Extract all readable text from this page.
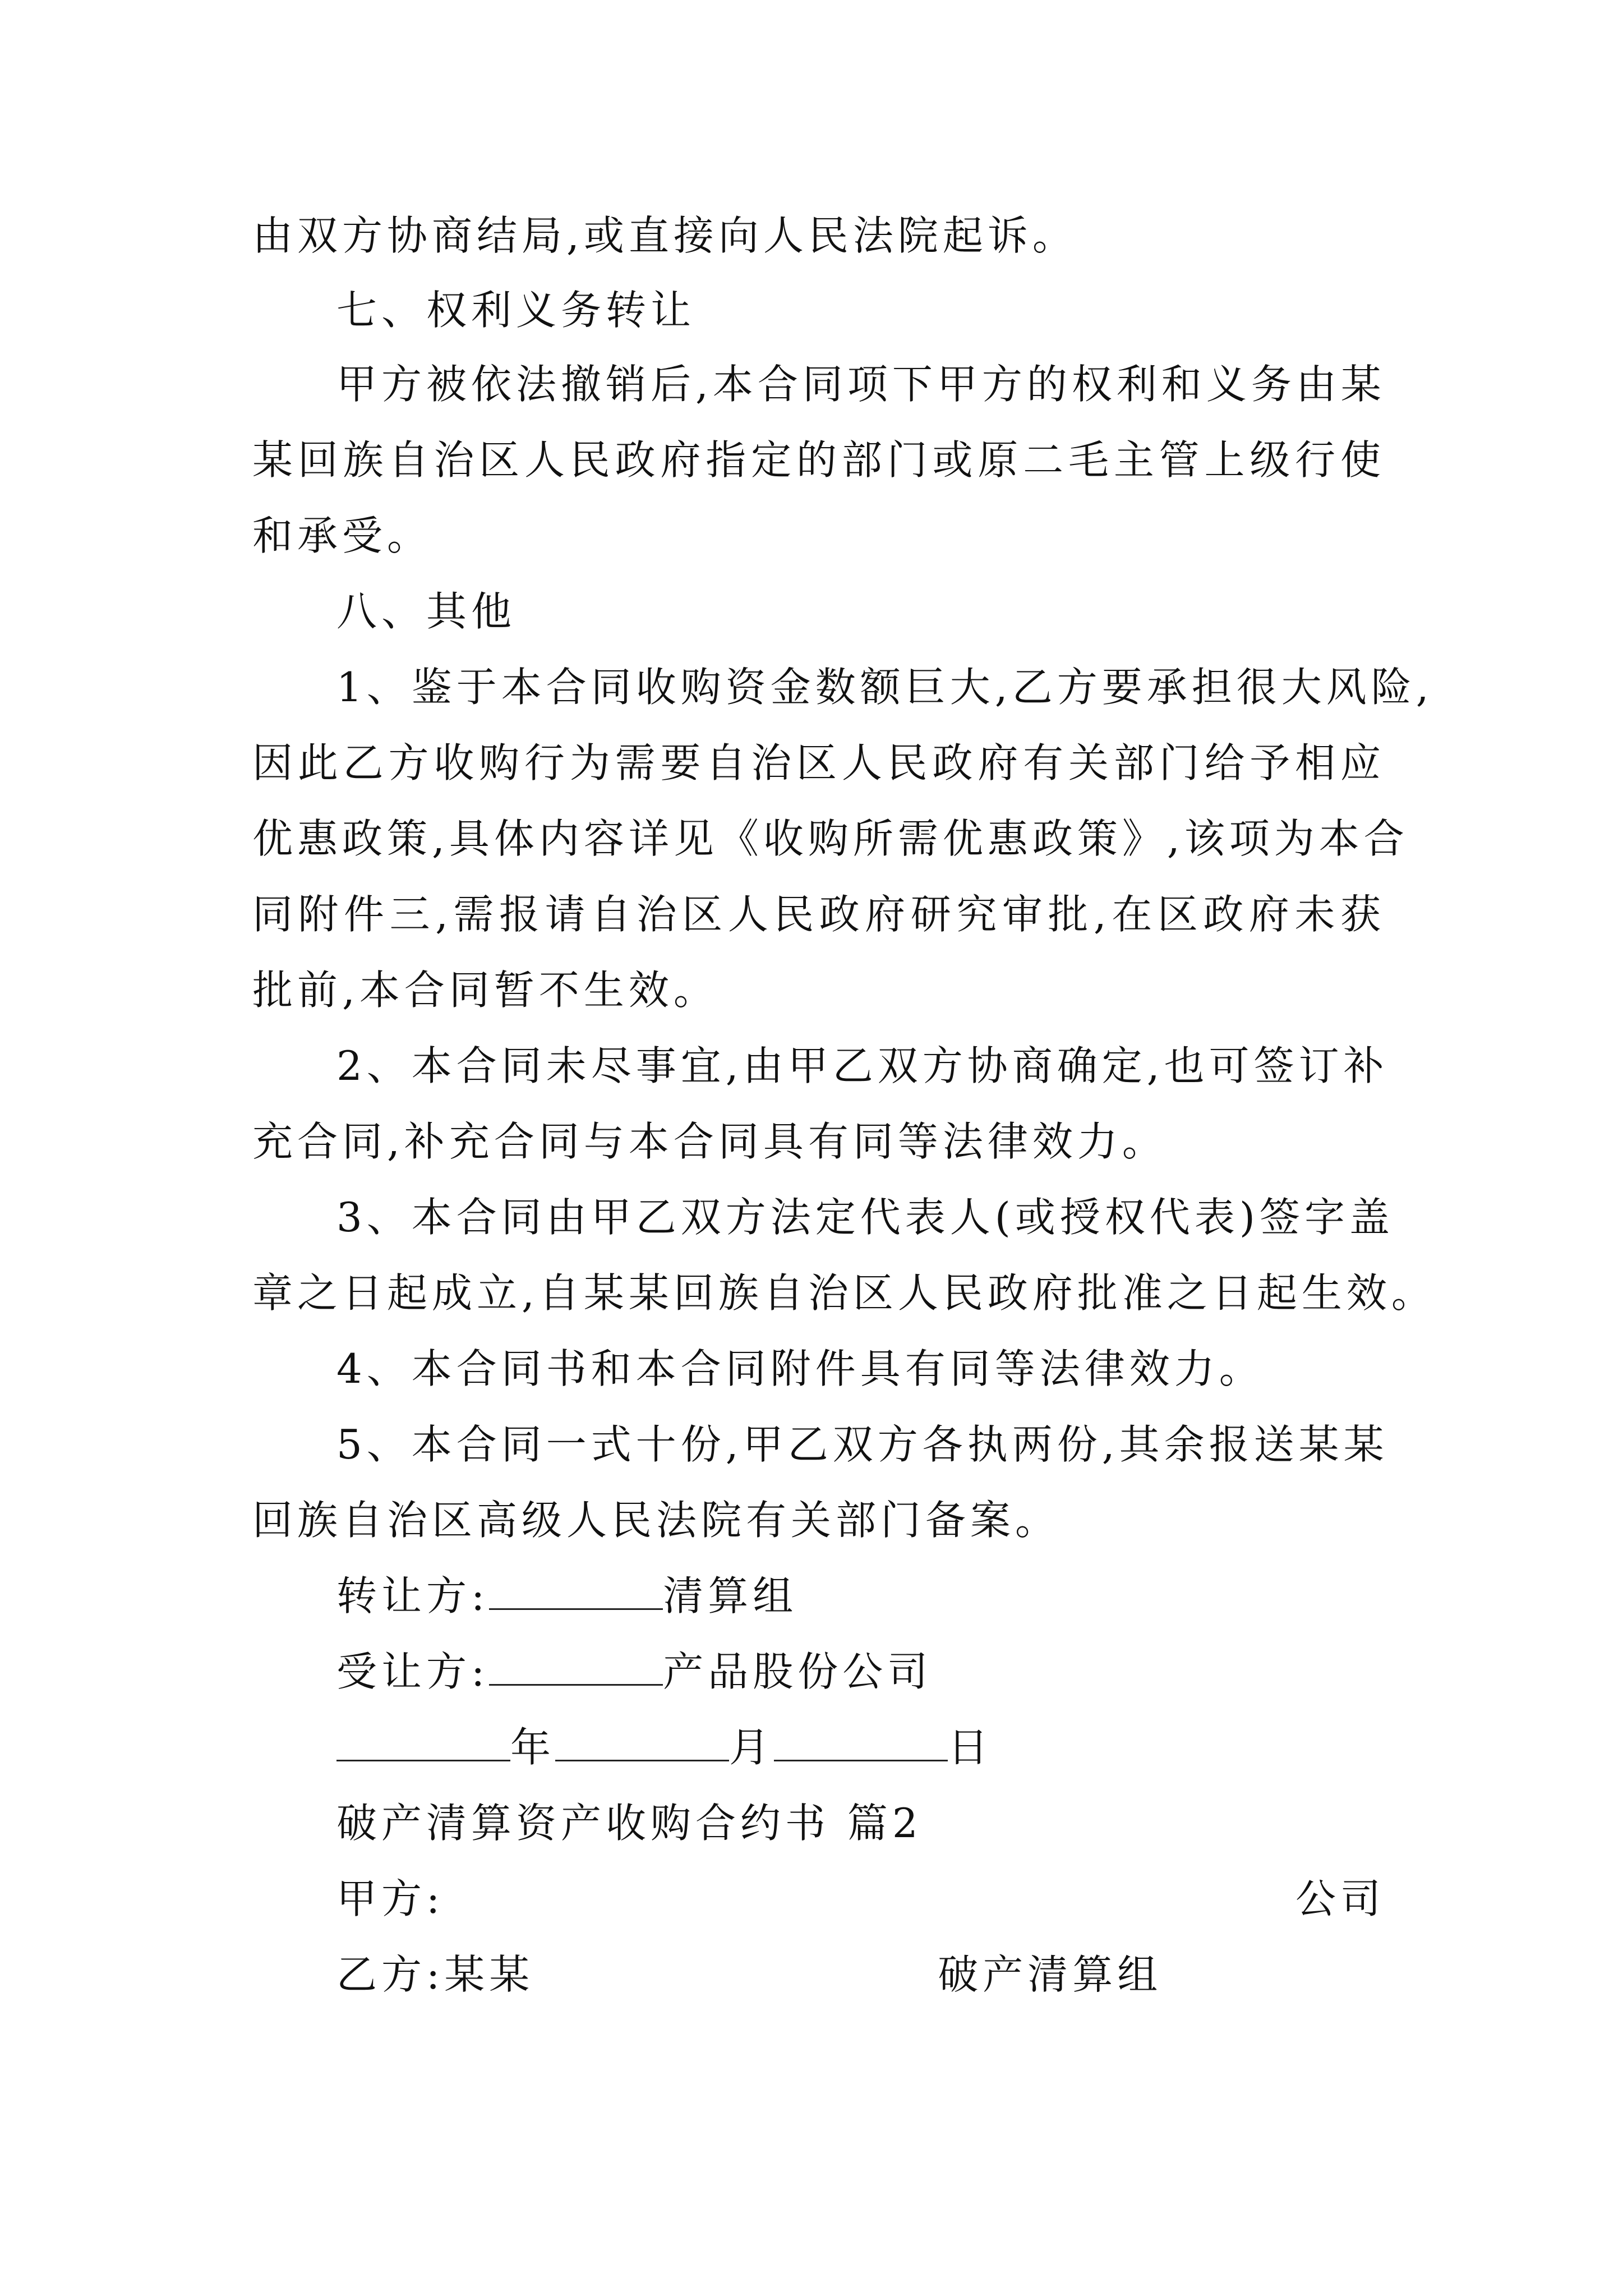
由双方协商结局,或直接向人民法院起诉。
七、权利义务转让
甲方被依法撤销后,本合同项下甲方的权利和义务由某
某回族自治区人民政府指定的部门或原二毛主管上级行使
和承受。
八、其他
1、鉴于本合同收购资金数额巨大,乙方要承担很大风险,
因此乙方收购行为需要自治区人民政府有关部门给予相应
优惠政策,具体内容详见《收购所需优惠政策》,该项为本合
同附件三,需报请自治区人民政府研究审批,在区政府未获
批前,本合同暂不生效。
2、本合同未尽事宜,由甲乙双方协商确定,也可签订补
充合同,补充合同与本合同具有同等法律效力。
3、本合同由甲乙双方法定代表人(或授权代表)签字盖
章之日起成立,自某某回族自治区人民政府批准之日起生效。
4、本合同书和本合同附件具有同等法律效力。
5、本合同一式十份,甲乙双方各执两份,其余报送某某
回族自治区高级人民法院有关部门备案。
转让方:	清算组
受让方:	产品股份公司
年	月	日
破产清算资产收购合约书 篇2
甲方:	公司
乙方:某某	破产清算组
